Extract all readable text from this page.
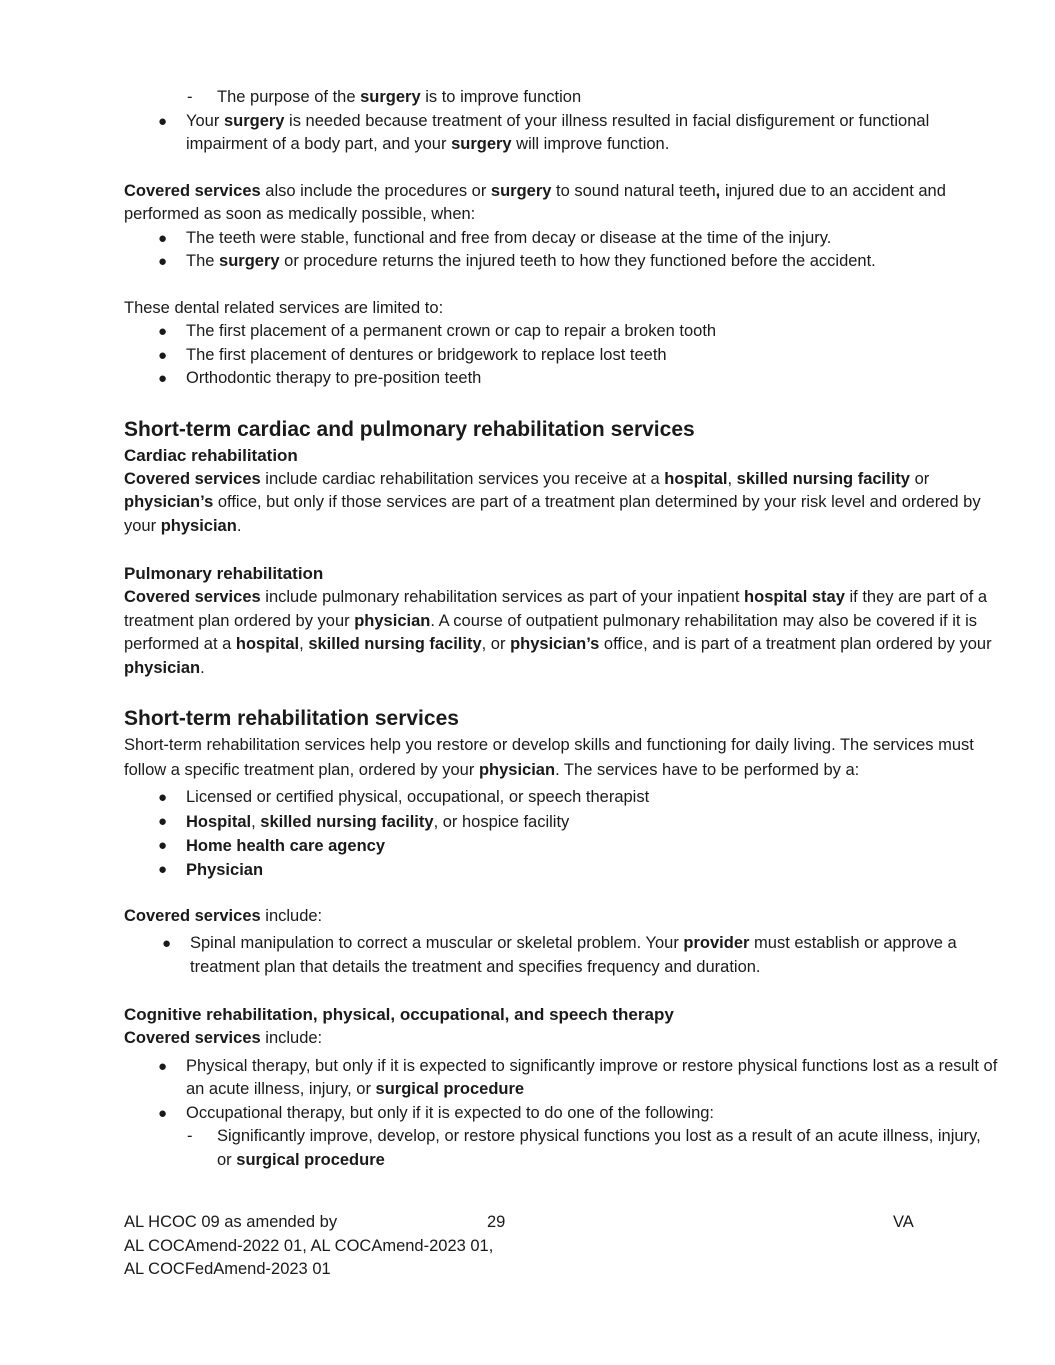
- The purpose of the surgery is to improve function

● Your surgery is needed because treatment of your illness resulted in facial disfigurement or functional impairment of a body part, and your surgery will improve function.

Covered services also include the procedures or surgery to sound natural teeth, injured due to an accident and performed as soon as medically possible, when:

● The teeth were stable, functional and free from decay or disease at the time of the injury.

● The surgery or procedure returns the injured teeth to how they functioned before the accident.

These dental related services are limited to:

● The first placement of a permanent crown or cap to repair a broken tooth

● The first placement of dentures or bridgework to replace lost teeth

● Orthodontic therapy to pre-position teeth

Short-term cardiac and pulmonary rehabilitation services

Cardiac rehabilitation

Covered services include cardiac rehabilitation services you receive at a hospital, skilled nursing facility or physician’s office, but only if those services are part of a treatment plan determined by your risk level and ordered by your physician.

Pulmonary rehabilitation

Covered services include pulmonary rehabilitation services as part of your inpatient hospital stay if they are part of a treatment plan ordered by your physician. A course of outpatient pulmonary rehabilitation may also be covered if it is performed at a hospital, skilled nursing facility, or physician’s office, and is part of a treatment plan ordered by your physician.

Short-term rehabilitation services

Short-term rehabilitation services help you restore or develop skills and functioning for daily living. The services must follow a specific treatment plan, ordered by your physician. The services have to be performed by a:

● Licensed or certified physical, occupational, or speech therapist

● Hospital, skilled nursing facility, or hospice facility

● Home health care agency

● Physician

Covered services include:

● Spinal manipulation to correct a muscular or skeletal problem. Your provider must establish or approve a treatment plan that details the treatment and specifies frequency and duration.

Cognitive rehabilitation, physical, occupational, and speech therapy

Covered services include:

● Physical therapy, but only if it is expected to significantly improve or restore physical functions lost as a result of an acute illness, injury, or surgical procedure

● Occupational therapy, but only if it is expected to do one of the following:

- Significantly improve, develop, or restore physical functions you lost as a result of an acute illness, injury, or surgical procedure

AL HCOC 09 as amended by

AL COCAmend-2022 01, AL COCAmend-2023 01,

AL COCFedAmend-2023 01

29	VA
